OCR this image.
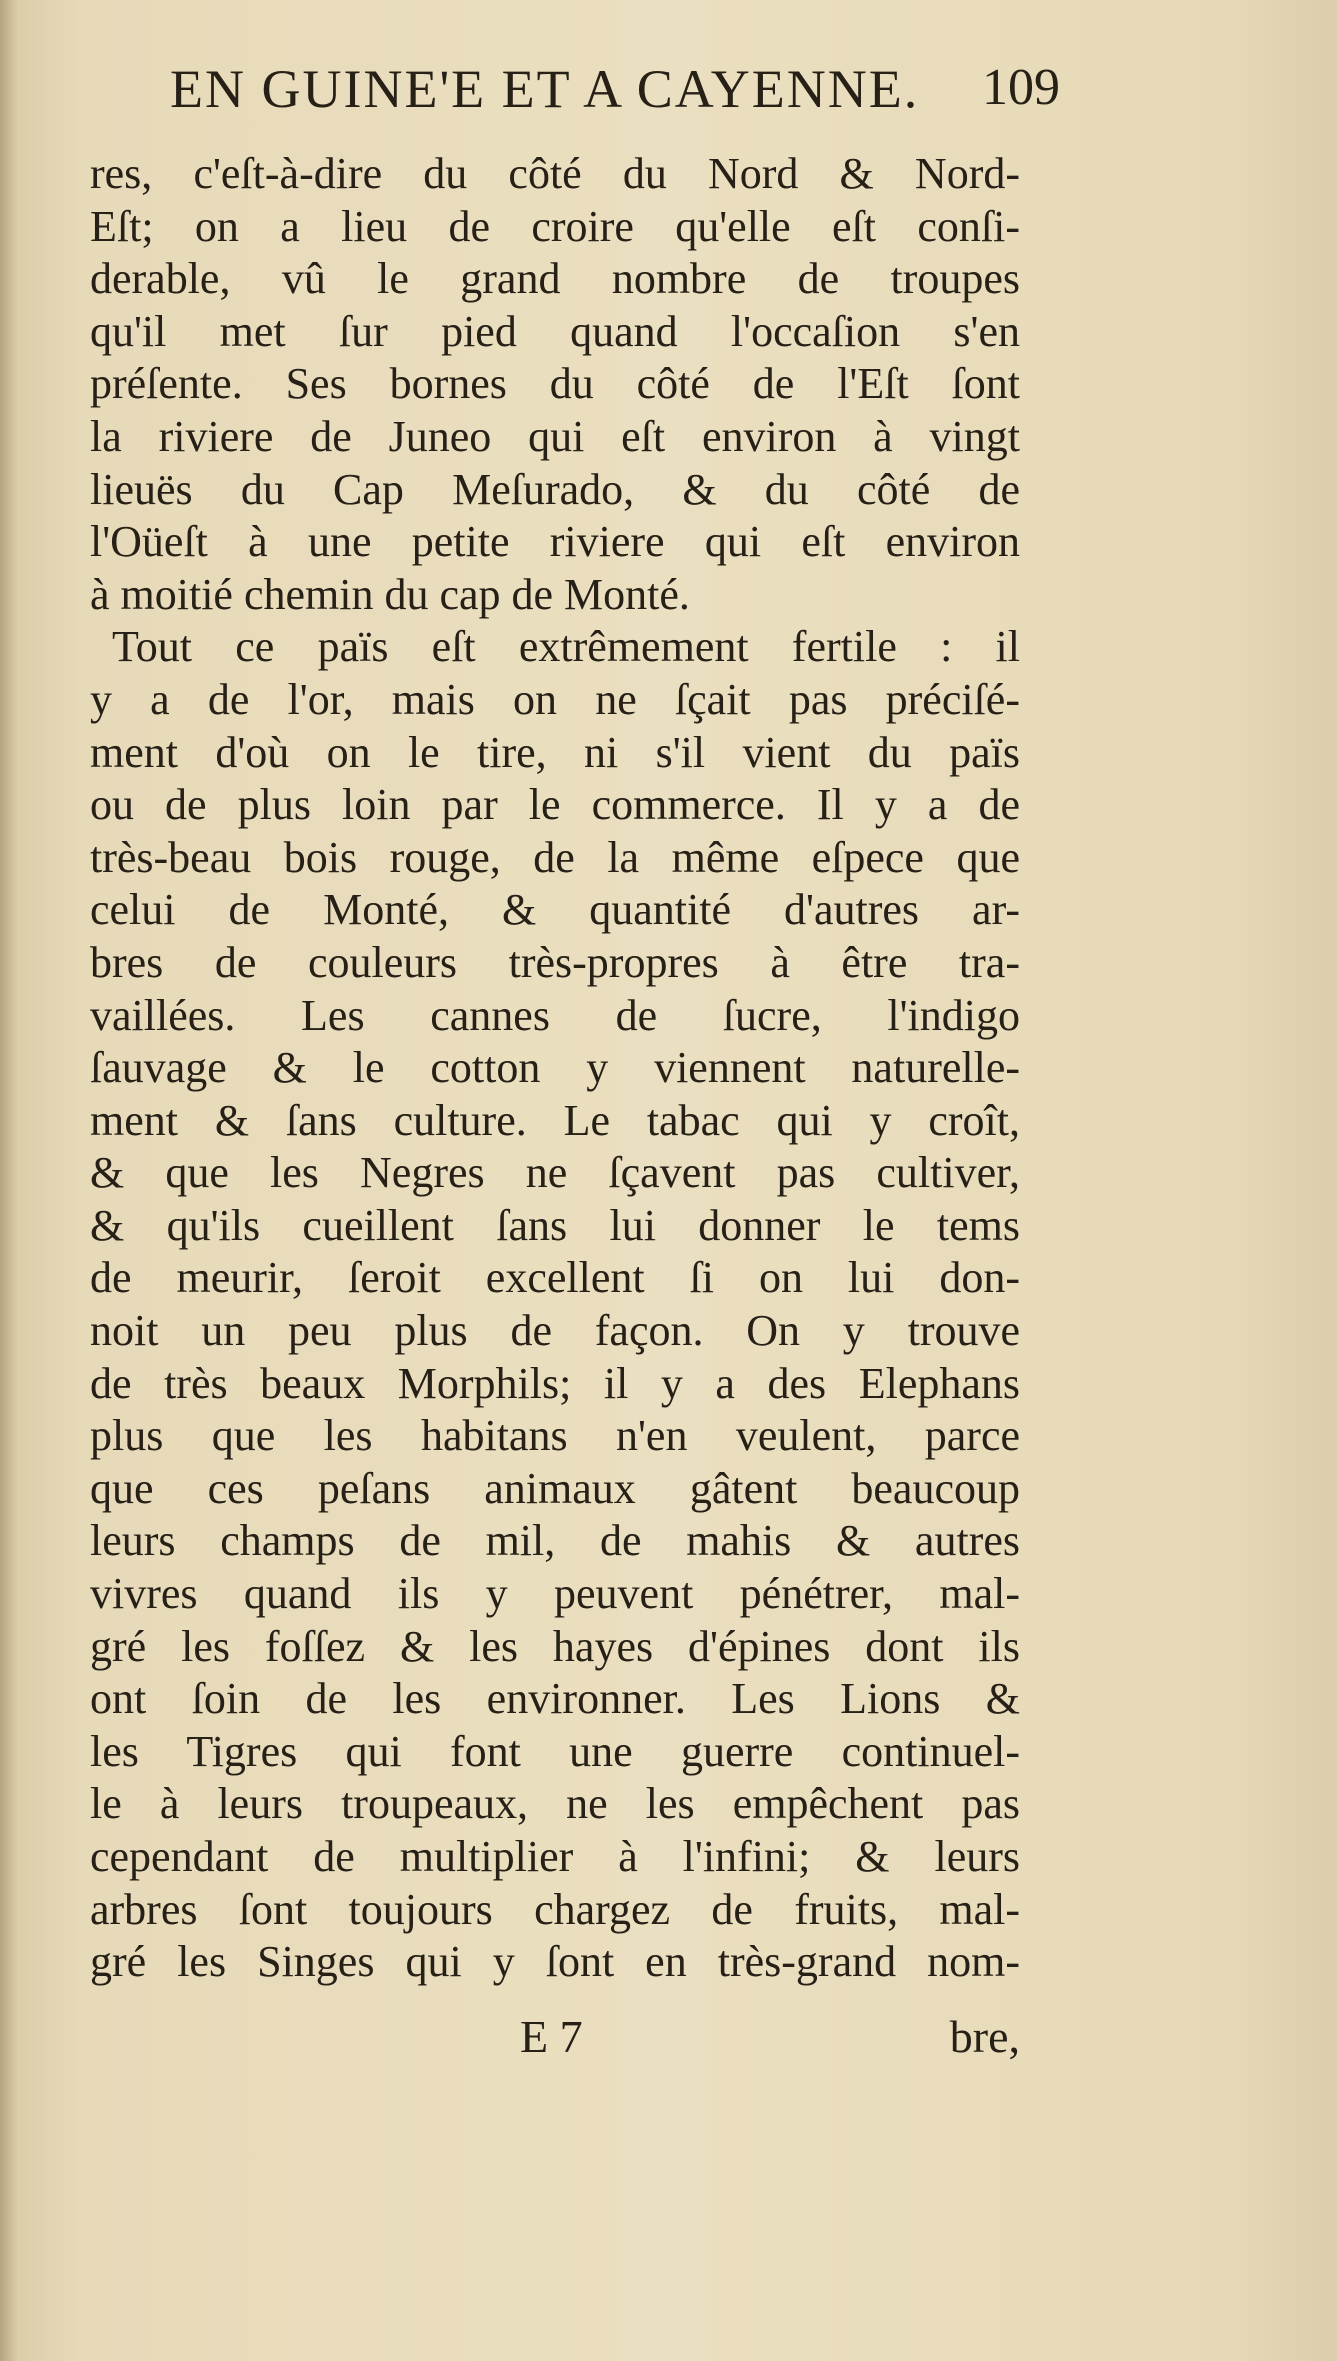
EN GUINE'E ET A CAYENNE. 109
res, c'eſt-à-dire du côté du Nord & Nord-
Eſt; on a lieu de croire qu'elle eſt conſi-
derable, vû le grand nombre de troupes
qu'il met ſur pied quand l'occaſion s'en
préſente. Ses bornes du côté de l'Eſt ſont
la riviere de Juneo qui eſt environ à vingt
lieuës du Cap Meſurado, & du côté de
l'Oüeſt à une petite riviere qui eſt environ
à moitié chemin du cap de Monté.
Tout ce païs eſt extrêmement fertile : il
y a de l'or, mais on ne ſçait pas préciſé-
ment d'où on le tire, ni s'il vient du païs
ou de plus loin par le commerce. Il y a de
très-beau bois rouge, de la même eſpece que
celui de Monté, & quantité d'autres ar-
bres de couleurs très-propres à être tra-
vaillées. Les cannes de ſucre, l'indigo
ſauvage & le cotton y viennent naturelle-
ment & ſans culture. Le tabac qui y croît,
& que les Negres ne ſçavent pas cultiver,
& qu'ils cueillent ſans lui donner le tems
de meurir, ſeroit excellent ſi on lui don-
noit un peu plus de façon. On y trouve
de très beaux Morphils; il y a des Elephans
plus que les habitans n'en veulent, parce
que ces peſans animaux gâtent beaucoup
leurs champs de mil, de mahis & autres
vivres quand ils y peuvent pénétrer, mal-
gré les foſſez & les hayes d'épines dont ils
ont ſoin de les environner. Les Lions &
les Tigres qui font une guerre continuel-
le à leurs troupeaux, ne les empêchent pas
cependant de multiplier à l'infini; & leurs
arbres ſont toujours chargez de fruits, mal-
gré les Singes qui y ſont en très-grand nom-
E 7	bre,
